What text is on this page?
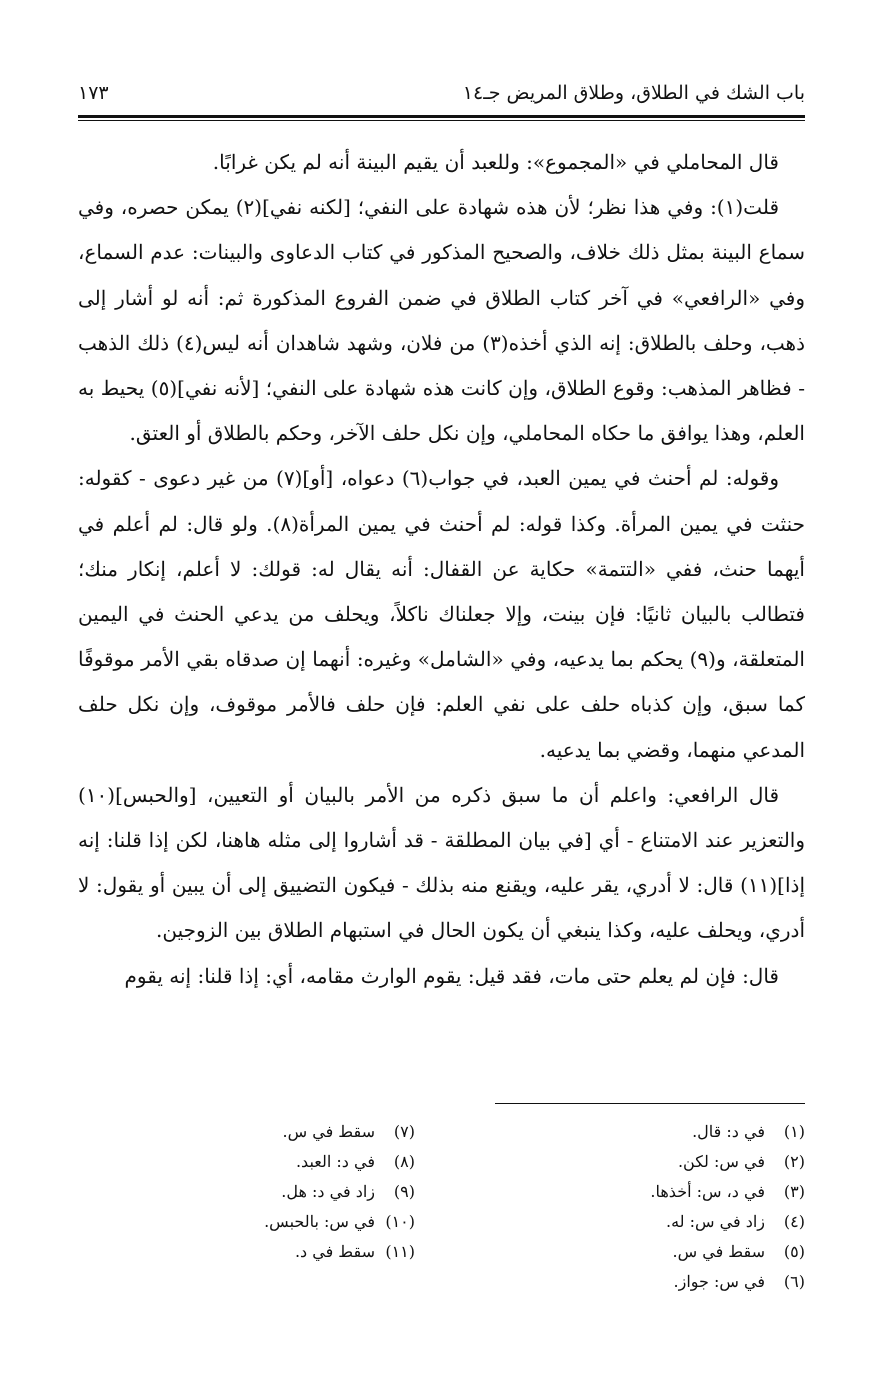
باب الشك في الطلاق، وطلاق المريض جـ١٤
١٧٣

قال المحاملي في «المجموع»: وللعبد أن يقيم البينة أنه لم يكن غرابًا.

قلت(١): وفي هذا نظر؛ لأن هذه شهادة على النفي؛ [لكنه نفي](٢) يمكن حصره، وفي سماع البينة بمثل ذلك خلاف، والصحيح المذكور في كتاب الدعاوى والبينات: عدم السماع، وفي «الرافعي» في آخر كتاب الطلاق في ضمن الفروع المذكورة ثم: أنه لو أشار إلى ذهب، وحلف بالطلاق: إنه الذي أخذه(٣) من فلان، وشهد شاهدان أنه ليس(٤) ذلك الذهب - فظاهر المذهب: وقوع الطلاق، وإن كانت هذه شهادة على النفي؛ [لأنه نفي](٥) يحيط به العلم، وهذا يوافق ما حكاه المحاملي، وإن نكل حلف الآخر، وحكم بالطلاق أو العتق.

وقوله: لم أحنث في يمين العبد، في جواب(٦) دعواه، [أو](٧) من غير دعوى - كقوله: حنثت في يمين المرأة. وكذا قوله: لم أحنث في يمين المرأة(٨). ولو قال: لم أعلم في أيهما حنث، ففي «التتمة» حكاية عن القفال: أنه يقال له: قولك: لا أعلم، إنكار منك؛ فتطالب بالبيان ثانيًا: فإن بينت، وإلا جعلناك ناكلاً، ويحلف من يدعي الحنث في اليمين المتعلقة، و(٩) يحكم بما يدعيه، وفي «الشامل» وغيره: أنهما إن صدقاه بقي الأمر موقوفًا كما سبق، وإن كذباه حلف على نفي العلم: فإن حلف فالأمر موقوف، وإن نكل حلف المدعي منهما، وقضي بما يدعيه.

قال الرافعي: واعلم أن ما سبق ذكره من الأمر بالبيان أو التعيين، [والحبس](١٠) والتعزير عند الامتناع - أي [في بيان المطلقة - قد أشاروا إلى مثله هاهنا، لكن إذا قلنا: إنه إذا](١١) قال: لا أدري، يقر عليه، ويقنع منه بذلك - فيكون التضييق إلى أن يبين أو يقول: لا أدري، ويحلف عليه، وكذا ينبغي أن يكون الحال في استبهام الطلاق بين الزوجين.

قال: فإن لم يعلم حتى مات، فقد قيل: يقوم الوارث مقامه، أي: إذا قلنا: إنه يقوم

(١)في د: قال.
(٢)في س: لكن.
(٣)في د، س: أخذها.
(٤)زاد في س: له.
(٥)سقط في س.
(٦)في س: جواز.
(٧)سقط في س.
(٨)في د: العبد.
(٩)زاد في د: هل.
(١٠)في س: بالحبس.
(١١)سقط في د.
